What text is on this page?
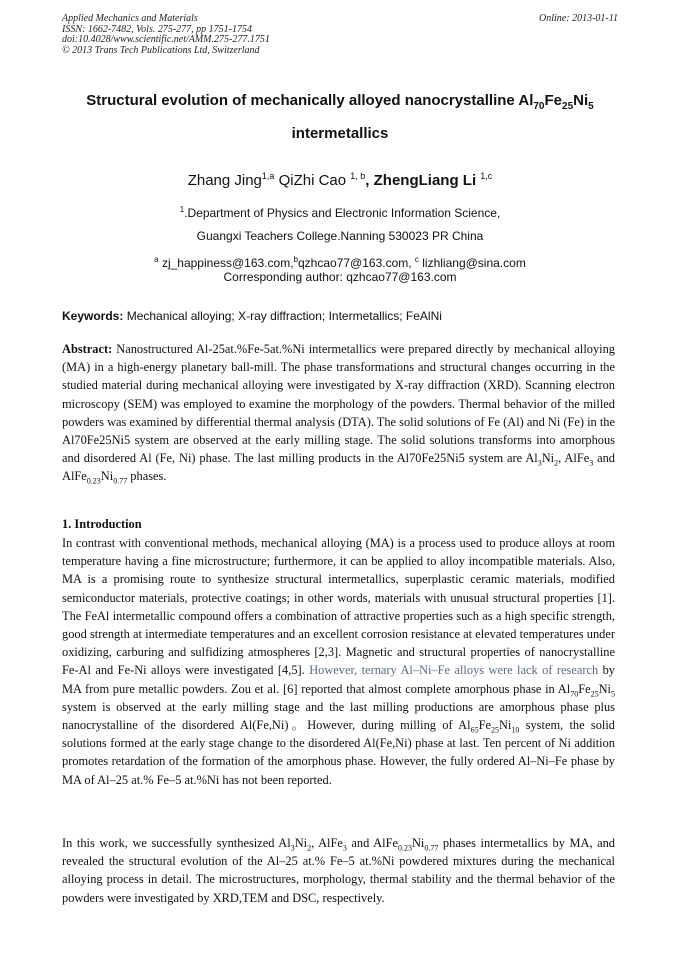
Applied Mechanics and Materials
ISSN: 1662-7482, Vols. 275-277, pp 1751-1754
doi:10.4028/www.scientific.net/AMM.275-277.1751
© 2013 Trans Tech Publications Ltd, Switzerland
Online: 2013-01-11
Structural evolution of mechanically alloyed nanocrystalline $Al_{70}Fe_{25}Ni_5$
intermetallics
Zhang Jing$^{1,a}$ QiZhi Cao $^{1, b}$, ZhengLiang Li $^{1,c}$
$^1$.Department of Physics and Electronic Information Science,
Guangxi Teachers College.Nanning 530023 PR China
$^a$ zj_happiness@163.com,$^b$qzhcao77@163.com, $^c$ lizhliang@sina.com
Corresponding author: qzhcao77@163.com
Keywords: Mechanical alloying; X-ray diffraction; Intermetallics; FeAlNi
Abstract: Nanostructured Al-25at.%Fe-5at.%Ni intermetallics were prepared directly by mechanical alloying (MA) in a high-energy planetary ball-mill. The phase transformations and structural changes occurring in the studied material during mechanical alloying were investigated by X-ray diffraction (XRD). Scanning electron microscopy (SEM) was employed to examine the morphology of the powders. Thermal behavior of the milled powders was examined by differential thermal analysis (DTA). The solid solutions of Fe (Al) and Ni (Fe) in the Al70Fe25Ni5 system are observed at the early milling stage. The solid solutions transforms into amorphous and disordered Al (Fe, Ni) phase. The last milling products in the Al70Fe25Ni5 system are $Al_3Ni_2$, AlFe$_3$ and $AlFe_{0.23}Ni_{0.77}$ phases.
1. Introduction
In contrast with conventional methods, mechanical alloying (MA) is a process used to produce alloys at room temperature having a fine microstructure; furthermore, it can be applied to alloy incompatible materials. Also, MA is a promising route to synthesize structural intermetallics, superplastic ceramic materials, modified semiconductor materials, protective coatings; in other words, materials with unusual structural properties [1]. The FeAl intermetallic compound offers a combination of attractive properties such as a high specific strength, good strength at intermediate temperatures and an excellent corrosion resistance at elevated temperatures under oxidizing, carburing and sulfidizing atmospheres [2,3]. Magnetic and structural properties of nanocrystalline Fe-Al and Fe-Ni alloys were investigated [4,5]. However, ternary Al–Ni–Fe alloys were lack of research by MA from pure metallic powders. Zou et al. [6] reported that almost complete amorphous phase in $Al_{70}Fe_{25}Ni_5$ system is observed at the early milling stage and the last milling productions are amorphous phase plus nanocrystalline of the disordered Al(Fe,Ni)。However, during milling of $Al_{65}Fe_{25}Ni_{10}$ system, the solid solutions formed at the early stage change to the disordered Al(Fe,Ni) phase at last. Ten percent of Ni addition promotes retardation of the formation of the amorphous phase. However, the fully ordered Al–Ni–Fe phase by MA of Al–25 at.% Fe–5 at.%Ni has not been reported.
In this work, we successfully synthesized $Al_3Ni_2$, AlFe$_3$ and $AlFe_{0.23}Ni_{0.77}$ phases intermetallics by MA, and revealed the structural evolution of the Al–25 at.% Fe–5 at.%Ni powdered mixtures during the mechanical alloying process in detail. The microstructures, morphology, thermal stability and the thermal behavior of the powders were investigated by XRD,TEM and DSC, respectively.
